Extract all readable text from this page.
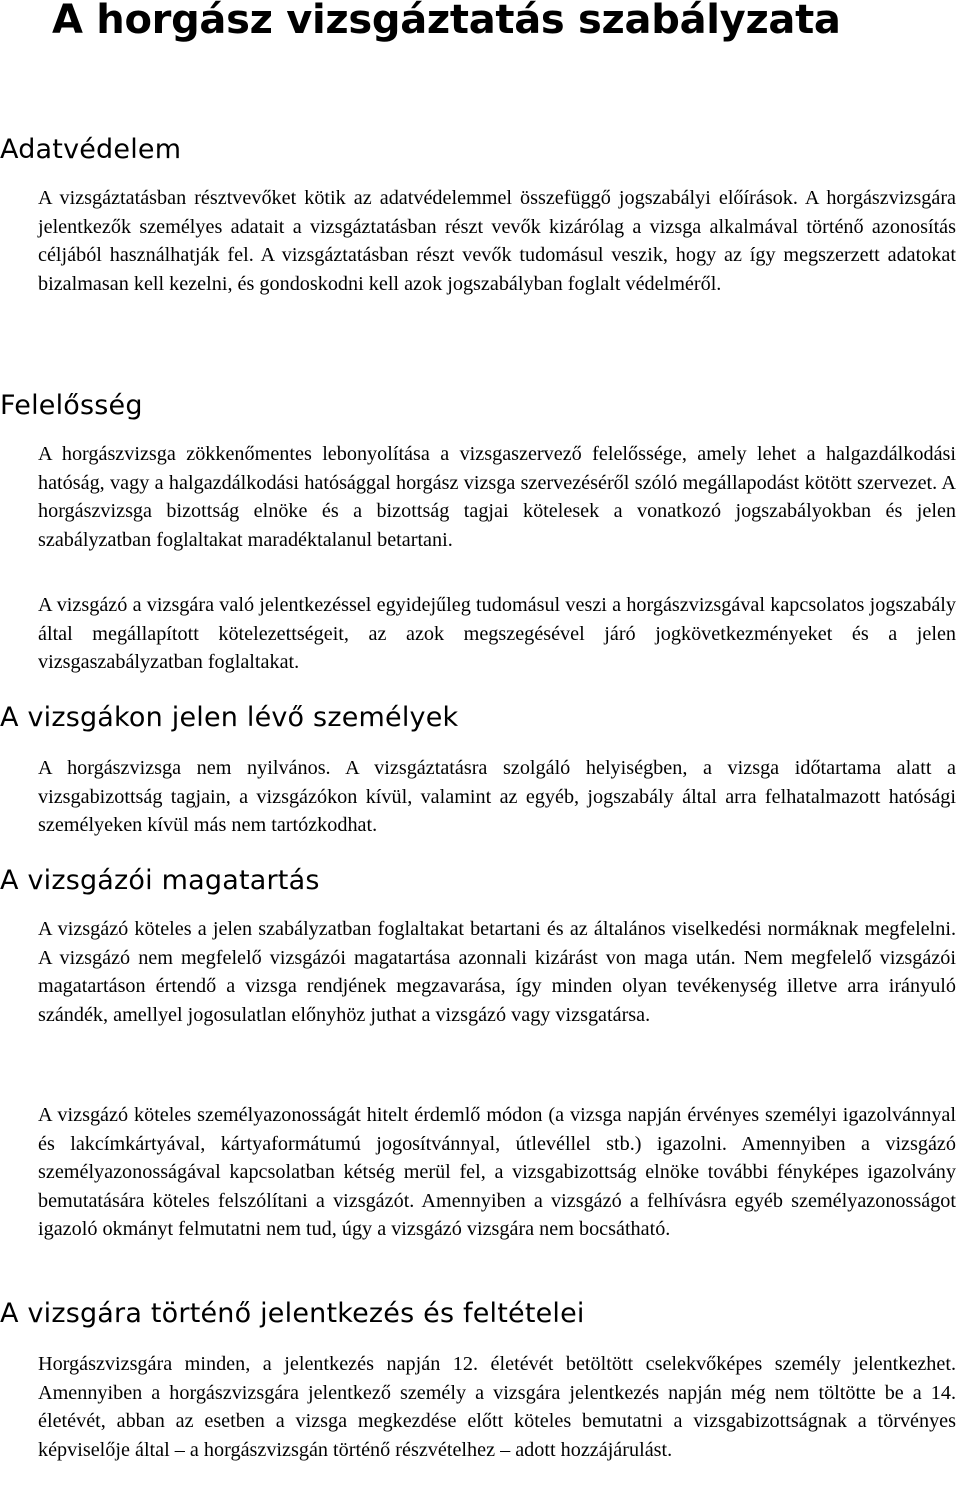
A horgász vizsgáztatás szabályzata
Adatvédelem

A vizsgáztatásban résztvevőket kötik az adatvédelemmel összefüggő jogszabályi előírások. A horgászvizsgára jelentkezők személyes adatait a vizsgáztatásban részt vevők kizárólag a vizsga alkalmával történő azonosítás céljából használhatják fel. A vizsgáztatásban részt vevők tudomásul veszik, hogy az így megszerzett adatokat bizalmasan kell kezelni, és gondoskodni kell azok jogszabályban foglalt védelméről.

Felelősség

A horgászvizsga zökkenőmentes lebonyolítása a vizsgaszervező felelőssége, amely lehet a halgazdálkodási hatóság, vagy a halgazdálkodási hatósággal horgász vizsga szervezéséről szóló megállapodást kötött szervezet. A horgászvizsga bizottság elnöke és a bizottság tagjai kötelesek a vonatkozó jogszabályokban és jelen szabályzatban foglaltakat maradéktalanul betartani.

A vizsgázó a vizsgára való jelentkezéssel egyidejűleg tudomásul veszi a horgászvizsgával kapcsolatos jogszabály által megállapított kötelezettségeit, az azok megszegésével járó jogkövetkezményeket és a jelen vizsgaszabályzatban foglaltakat.

A vizsgákon jelen lévő személyek

A horgászvizsga nem nyilvános. A vizsgáztatásra szolgáló helyiségben, a vizsga időtartama alatt a vizsgabizottság tagjain, a vizsgázókon kívül, valamint az egyéb, jogszabály által arra felhatalmazott hatósági személyeken kívül más nem tartózkodhat.

A vizsgázói magatartás

A vizsgázó köteles a jelen szabályzatban foglaltakat betartani és az általános viselkedési normáknak megfelelni. A vizsgázó nem megfelelő vizsgázói magatartása azonnali kizárást von maga után. Nem megfelelő vizsgázói magatartáson értendő a vizsga rendjének megzavarása, így minden olyan tevékenység illetve arra irányuló szándék, amellyel jogosulatlan előnyhöz juthat a vizsgázó vagy vizsgatársa.

A vizsgázó köteles személyazonosságát hitelt érdemlő módon (a vizsga napján érvényes személyi igazolvánnyal és lakcímkártyával, kártyaformátumú jogosítvánnyal, útlevéllel stb.) igazolni. Amennyiben a vizsgázó személyazonosságával kapcsolatban kétség merül fel, a vizsgabizottság elnöke további fényképes igazolvány bemutatására köteles felszólítani a vizsgázót. Amennyiben a vizsgázó a felhívásra egyéb személyazonosságot igazoló okmányt felmutatni nem tud, úgy a vizsgázó vizsgára nem bocsátható.

A vizsgára történő jelentkezés és feltételei

Horgászvizsgára minden, a jelentkezés napján 12. életévét betöltött cselekvőképes személy jelentkezhet. Amennyiben a horgászvizsgára jelentkező személy a vizsgára jelentkezés napján még nem töltötte be a 14. életévét, abban az esetben a vizsga megkezdése előtt köteles bemutatni a vizsgabizottságnak a törvényes képviselője által – a horgászvizsgán történő részvételhez – adott hozzájárulást.
